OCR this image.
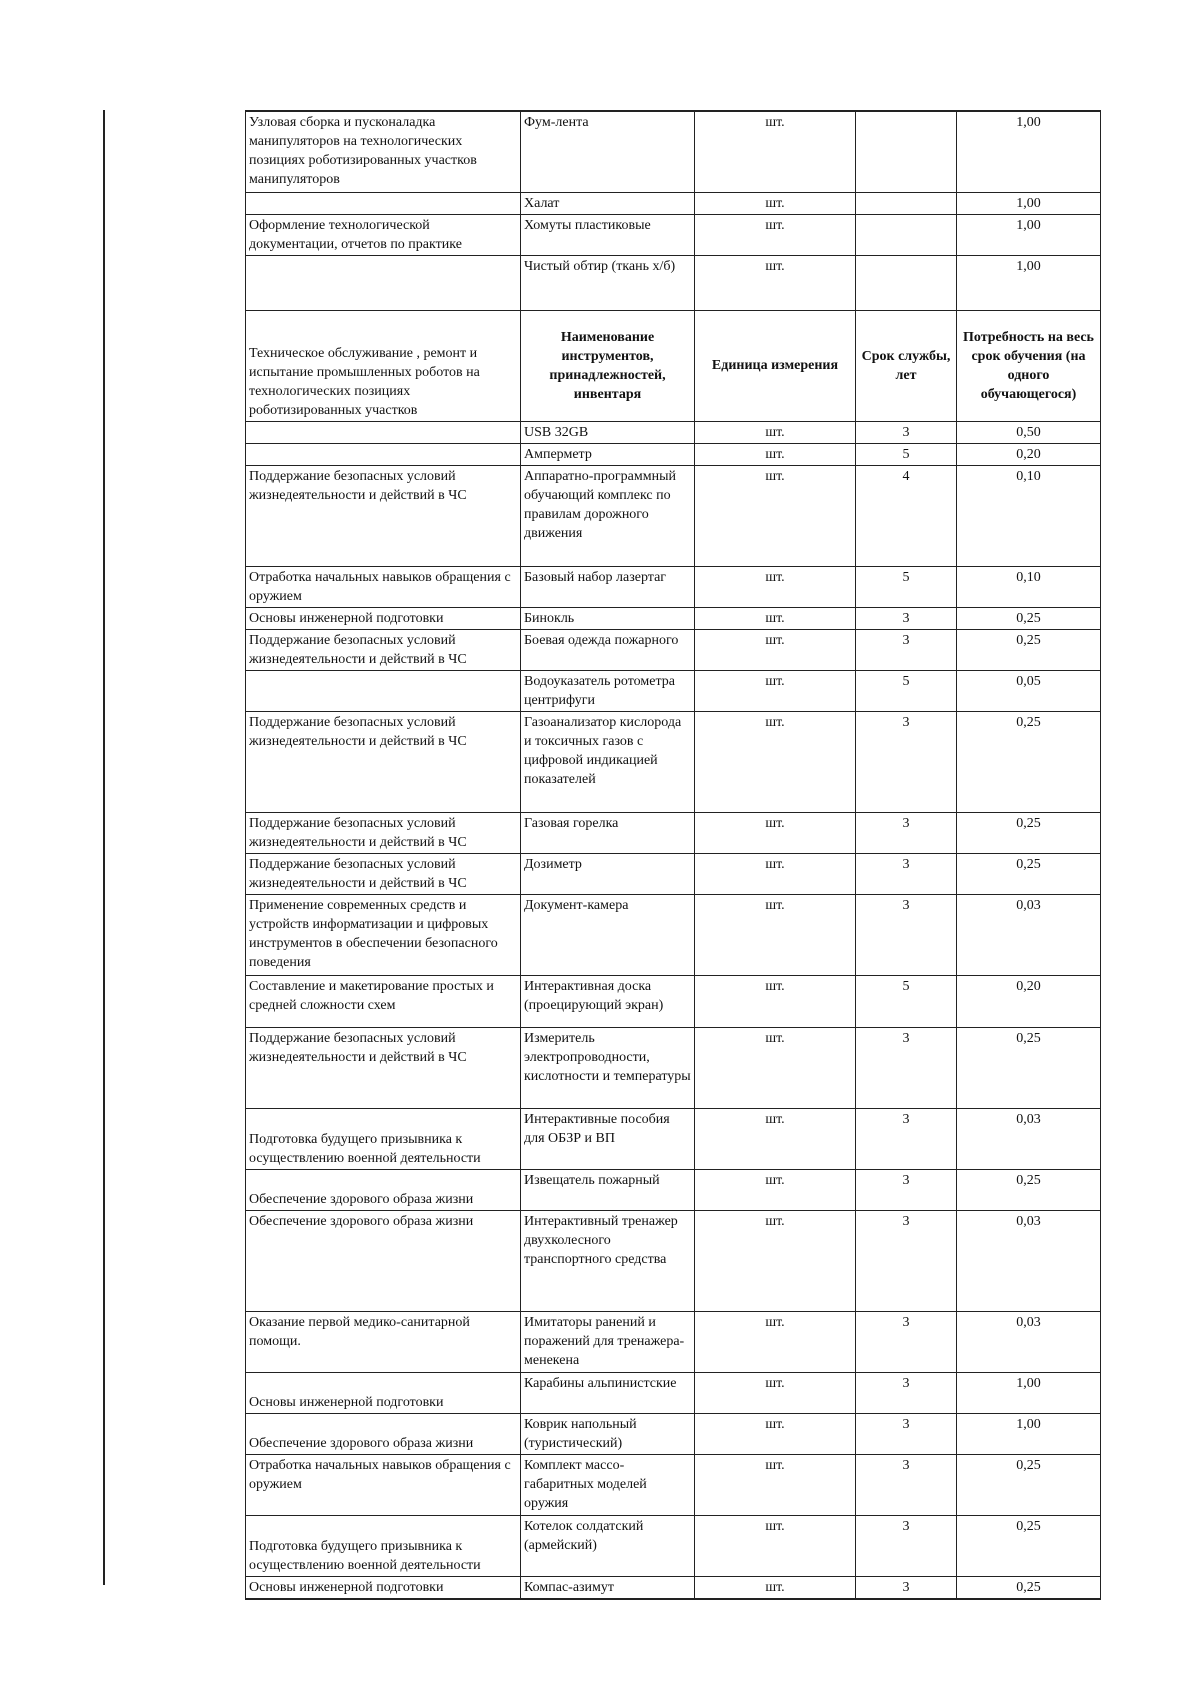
Узловая сборка и пусконаладка манипуляторов на технологических позициях роботизированных участков манипуляторов	Фум-лента	шт.		1,00
	Халат	шт.		1,00
Оформление технологической документации, отчетов по практике	Хомуты пластиковые	шт.		1,00
	Чистый обтир (ткань х/б)	шт.		1,00
Техническое обслуживание , ремонт и испытание промышленных роботов на технологических позициях роботизированных участков	Наименование инструментов, принадлежностей, инвентаря	Единица измерения	Срок службы, лет	Потребность на весь срок обучения (на одного обучающегося)
	USB 32GB	шт.	3	0,50
	Амперметр	шт.	5	0,20
Поддержание безопасных условий жизнедеятельности и действий в ЧС	Аппаратно-программный обучающий комплекс по правилам дорожного движения	шт.	4	0,10
Отработка начальных навыков обращения с оружием	Базовый набор лазертаг	шт.	5	0,10
Основы инженерной подготовки	Бинокль	шт.	3	0,25
Поддержание безопасных условий жизнедеятельности и действий в ЧС	Боевая одежда пожарного	шт.	3	0,25
	Водоуказатель ротометра центрифуги	шт.	5	0,05
Поддержание безопасных условий жизнедеятельности и действий в ЧС	Газоанализатор кислорода и токсичных газов с цифровой индикацией показателей	шт.	3	0,25
Поддержание безопасных условий жизнедеятельности и действий в ЧС	Газовая горелка	шт.	3	0,25
Поддержание безопасных условий жизнедеятельности и действий в ЧС	Дозиметр	шт.	3	0,25
Применение современных средств и устройств информатизации и цифровых инструментов в обеспечении безопасного поведения	Документ-камера	шт.	3	0,03
Составление и макетирование простых и средней сложности схем	Интерактивная доска (проецирующий экран)	шт.	5	0,20
Поддержание безопасных условий жизнедеятельности и действий в ЧС	Измеритель электропроводности, кислотности и температуры	шт.	3	0,25
Подготовка будущего призывника к осуществлению военной деятельности	Интерактивные пособия для ОБЗР и ВП	шт.	3	0,03
Обеспечение здорового образа жизни	Извещатель пожарный	шт.	3	0,25
Обеспечение здорового образа жизни	Интерактивный тренажер двухколесного транспортного средства	шт.	3	0,03
Оказание первой медико-санитарной помощи.	Имитаторы ранений и поражений для тренажера-менекена	шт.	3	0,03
Основы инженерной подготовки	Карабины альпинистские	шт.	3	1,00
Обеспечение здорового образа жизни	Коврик напольный (туристический)	шт.	3	1,00
Отработка начальных навыков обращения с оружием	Комплект массо-габаритных моделей оружия	шт.	3	0,25
Подготовка будущего призывника к осуществлению военной деятельности	Котелок солдатский (армейский)	шт.	3	0,25
Основы инженерной подготовки	Компас-азимут	шт.	3	0,25
